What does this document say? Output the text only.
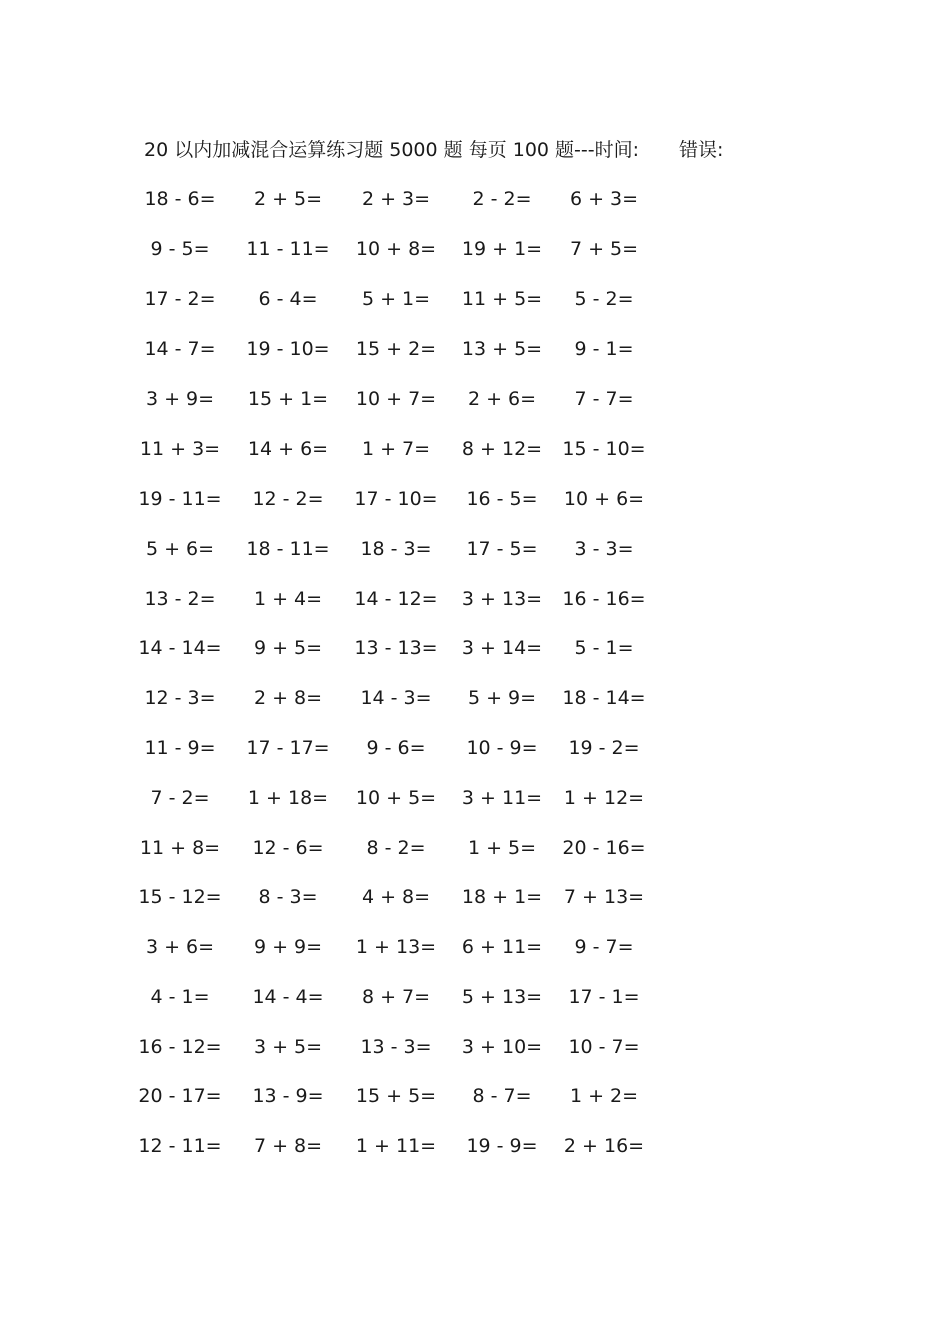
20 以内加减混合运算练习题 5000 题 每页 100 题---时间: 错误:
18 - 6=	2 + 5=	2 + 3=	2 - 2=	6 + 3=
9 - 5=	11 - 11=	10 + 8=	19 + 1=	7 + 5=
17 - 2=	6 - 4=	5 + 1=	11 + 5=	5 - 2=
14 - 7=	19 - 10=	15 + 2=	13 + 5=	9 - 1=
3 + 9=	15 + 1=	10 + 7=	2 + 6=	7 - 7=
11 + 3=	14 + 6=	1 + 7=	8 + 12=	15 - 10=
19 - 11=	12 - 2=	17 - 10=	16 - 5=	10 + 6=
5 + 6=	18 - 11=	18 - 3=	17 - 5=	3 - 3=
13 - 2=	1 + 4=	14 - 12=	3 + 13=	16 - 16=
14 - 14=	9 + 5=	13 - 13=	3 + 14=	5 - 1=
12 - 3=	2 + 8=	14 - 3=	5 + 9=	18 - 14=
11 - 9=	17 - 17=	9 - 6=	10 - 9=	19 - 2=
7 - 2=	1 + 18=	10 + 5=	3 + 11=	1 + 12=
11 + 8=	12 - 6=	8 - 2=	1 + 5=	20 - 16=
15 - 12=	8 - 3=	4 + 8=	18 + 1=	7 + 13=
3 + 6=	9 + 9=	1 + 13=	6 + 11=	9 - 7=
4 - 1=	14 - 4=	8 + 7=	5 + 13=	17 - 1=
16 - 12=	3 + 5=	13 - 3=	3 + 10=	10 - 7=
20 - 17=	13 - 9=	15 + 5=	8 - 7=	1 + 2=
12 - 11=	7 + 8=	1 + 11=	19 - 9=	2 + 16=
